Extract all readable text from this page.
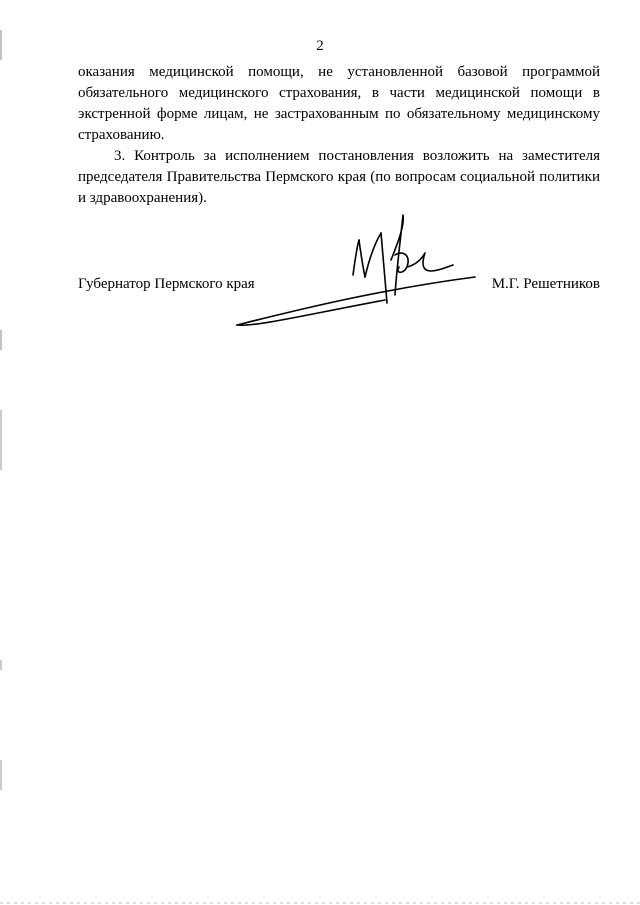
2

оказания медицинской помощи, не установленной базовой программой обязательного медицинского страхования, в части медицинской помощи в экстренной форме лицам, не застрахованным по обязательному медицинскому страхованию.

3. Контроль за исполнением постановления возложить на заместителя председателя Правительства Пермского края (по вопросам социальной политики и здравоохранения).

Губернатор Пермского края	М.Г. Решетников
